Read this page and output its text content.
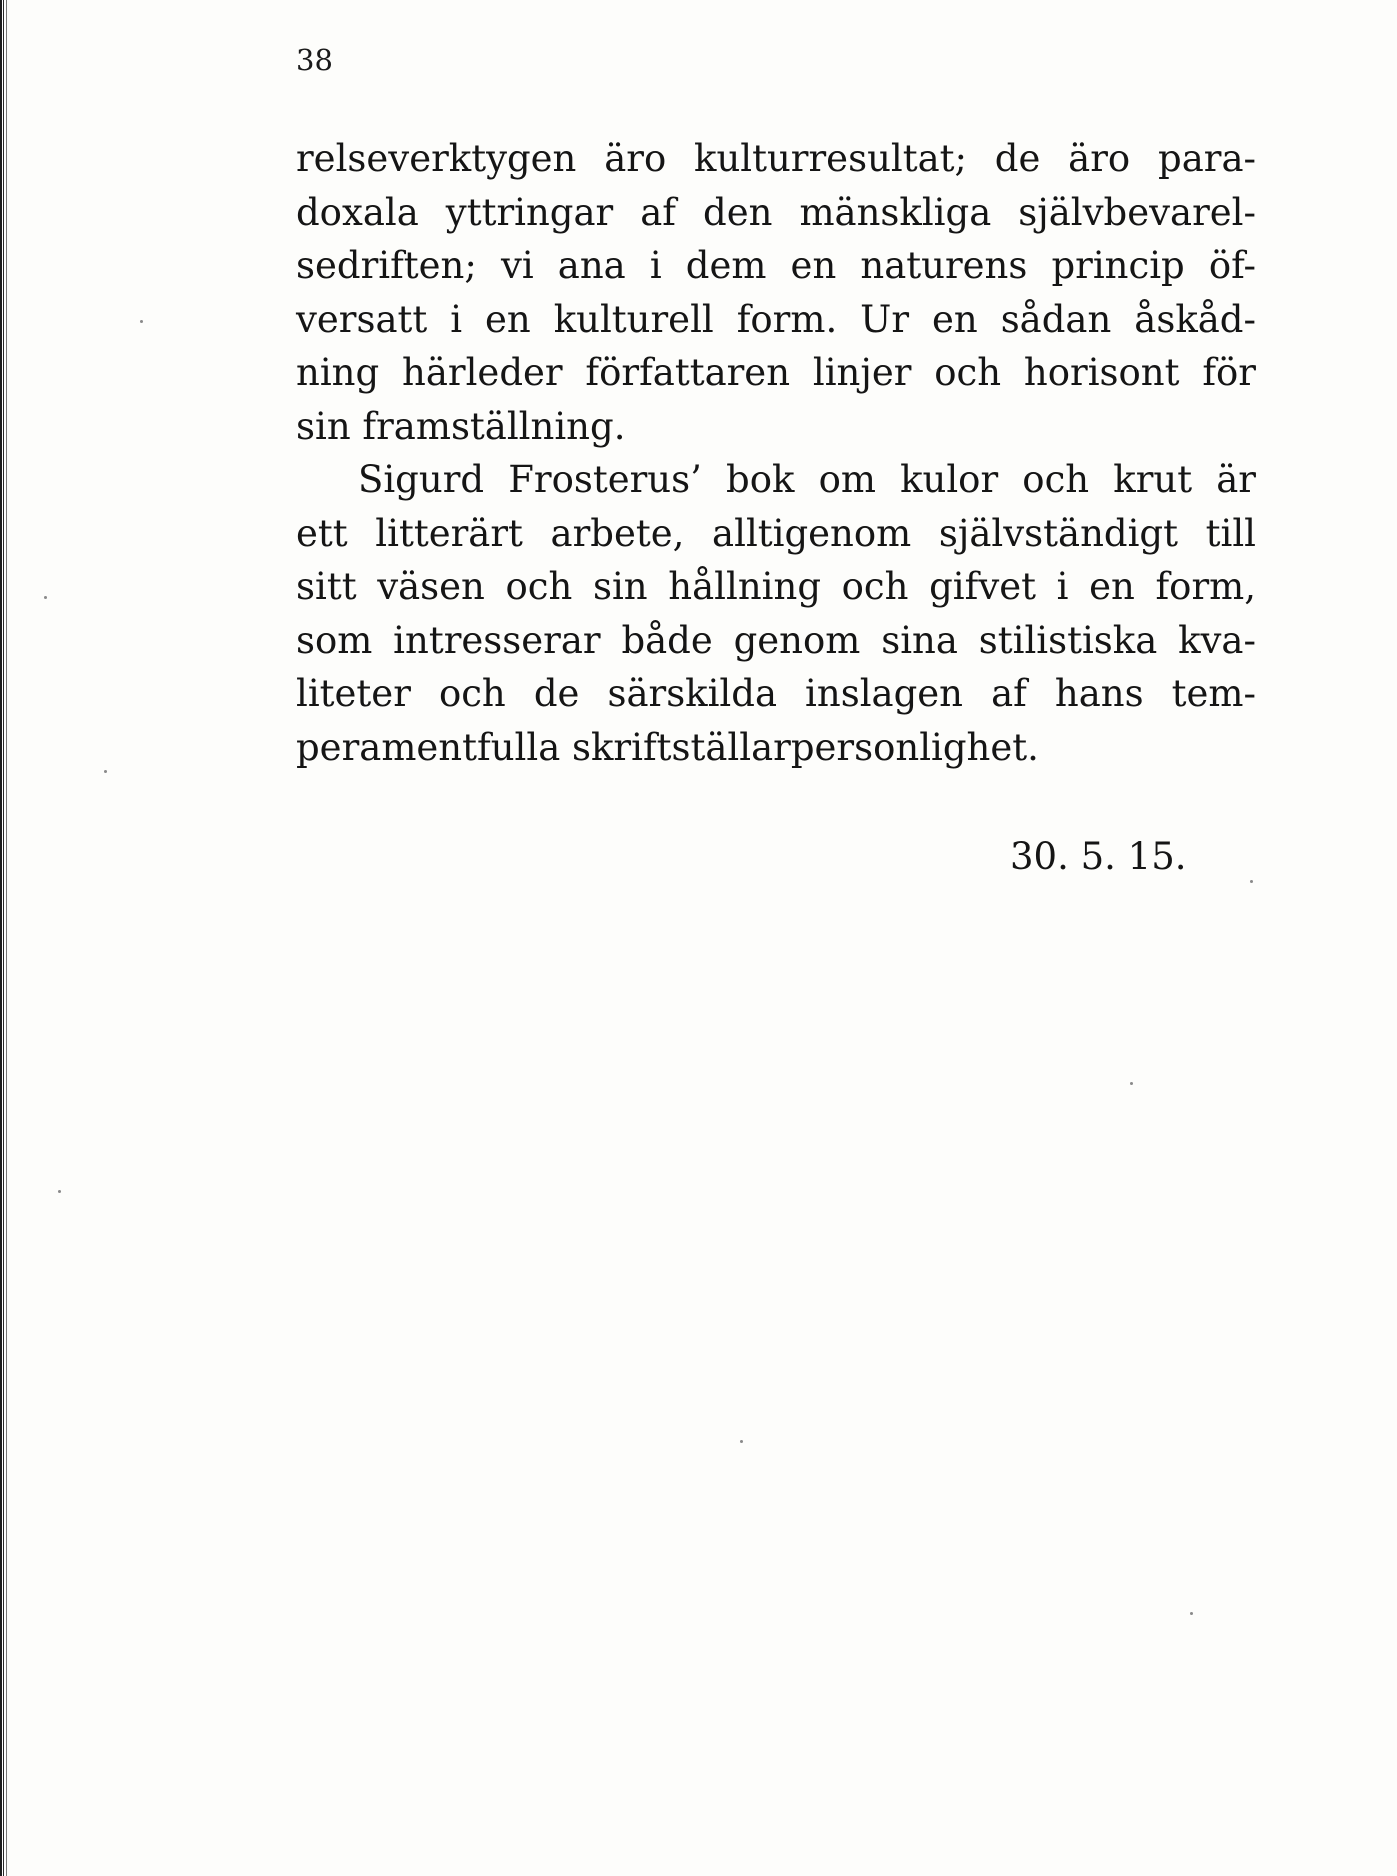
38

relseverktygen äro kulturresultat; de äro para-
doxala yttringar af den mänskliga självbevarel-
sedriften; vi ana i dem en naturens princip öf-
versatt i en kulturell form. Ur en sådan åskåd-
ning härleder författaren linjer och horisont för
sin framställning.

Sigurd Frosterus’ bok om kulor och krut är
ett litterärt arbete, alltigenom självständigt till
sitt väsen och sin hållning och gifvet i en form,
som intresserar både genom sina stilistiska kva-
liteter och de särskilda inslagen af hans tem-
peramentfulla skriftställarpersonlighet.

30. 5. 15.
